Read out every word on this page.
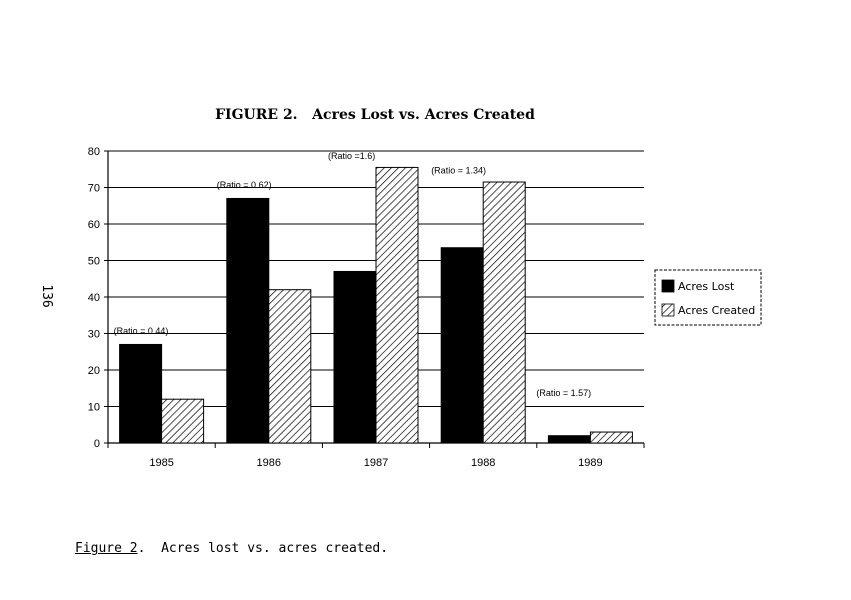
136
FIGURE 2.   Acres Lost vs. Acres Created
0
10
20
30
40
50
60
70
80
1985	1986	1987	1988	1989
(Ratio = 0.44)
(Ratio = 0.62)
(Ratio =1.6)
(Ratio = 1.34)
(Ratio = 1.57)
Acres Lost
Acres Created
Figure 2.  Acres lost vs. acres created.
